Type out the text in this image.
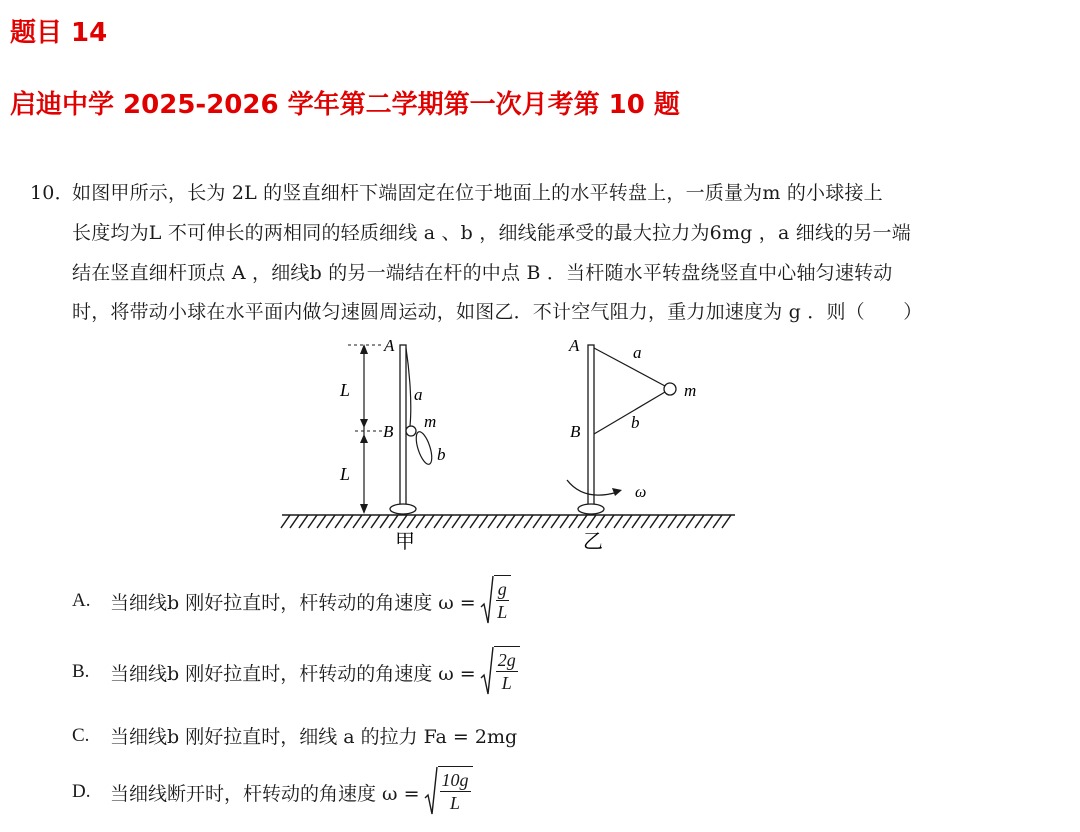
题目 14
启迪中学 2025-2026 学年第二学期第一次月考第 10 题
10．
如图甲所示，长为 2L 的竖直细杆下端固定在位于地面上的水平转盘上，一质量为m 的小球接上
长度均为L 不可伸长的两相同的轻质细线 a 、b ，细线能承受的最大拉力为6mg ，a 细线的另一端
结在竖直细杆顶点 A ，细线b 的另一端结在杆的中点 B ．当杆随水平转盘绕竖直中心轴匀速转动
时，将带动小球在水平面内做匀速圆周运动，如图乙．不计空气阻力，重力加速度为 g ．则（　　）
L
L
A
B
a
m
b
甲
A
B
a
b
m
ω
乙
A.	当细线b 刚好拉直时，杆转动的角速度 $\omega = \frac{g}{L}$
B.	当细线b 刚好拉直时，杆转动的角速度 $\omega = \frac{2g}{L}$
C.	当细线b 刚好拉直时，细线 a 的拉力 Fa = 2mg
D.	当细线断开时，杆转动的角速度 $\omega = \frac{10g}{L}$
